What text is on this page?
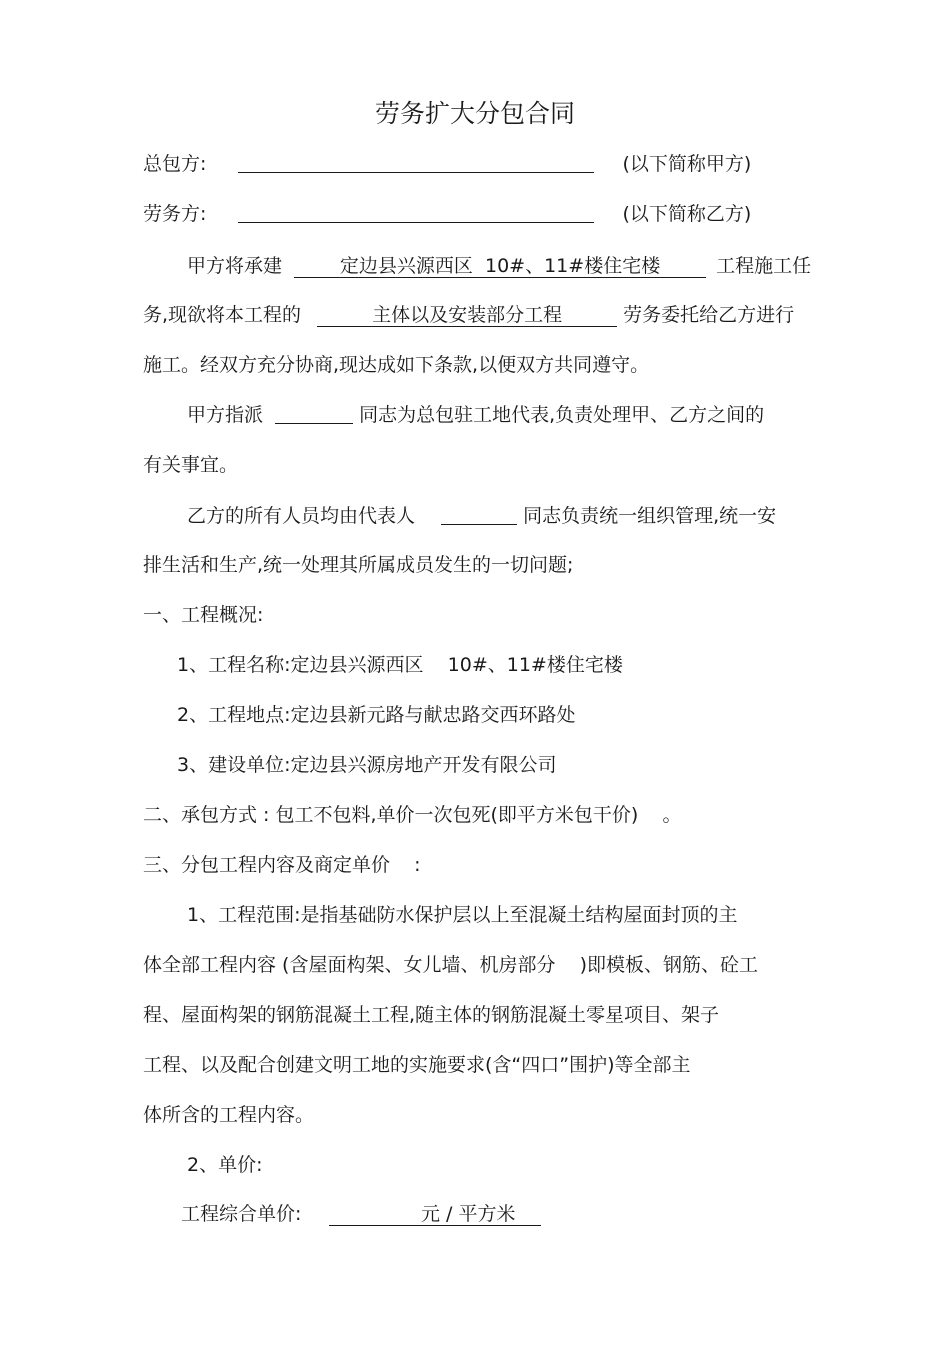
劳务扩大分包合同
总包方:	(以下简称甲方)
劳务方:	(以下简称乙方)
甲方将承建	定边县兴源西区  10#、11#楼住宅楼	工程施工任
务,现欲将本工程的	主体以及安装部分工程	劳务委托给乙方进行
施工。经双方充分协商,现达成如下条款,以便双方共同遵守。
甲方指派	同志为总包驻工地代表,负责处理甲、乙方之间的
有关事宜。
乙方的所有人员均由代表人	同志负责统一组织管理,统一安
排生活和生产,统一处理其所属成员发生的一切问题;
一、工程概况:
1、工程名称:定边县兴源西区    10#、11#楼住宅楼
2、工程地点:定边县新元路与献忠路交西环路处
3、建设单位:定边县兴源房地产开发有限公司
二、承包方式 : 包工不包料,单价一次包死(即平方米包干价)    。
三、分包工程内容及商定单价    :
1、工程范围:是指基础防水保护层以上至混凝土结构屋面封顶的主
体全部工程内容 (含屋面构架、女儿墙、机房部分    )即模板、钢筋、砼工
程、屋面构架的钢筋混凝土工程,随主体的钢筋混凝土零星项目、架子
工程、以及配合创建文明工地的实施要求(含“四口”围护)等全部主
体所含的工程内容。
2、单价:
工程综合单价:	元 / 平方米
